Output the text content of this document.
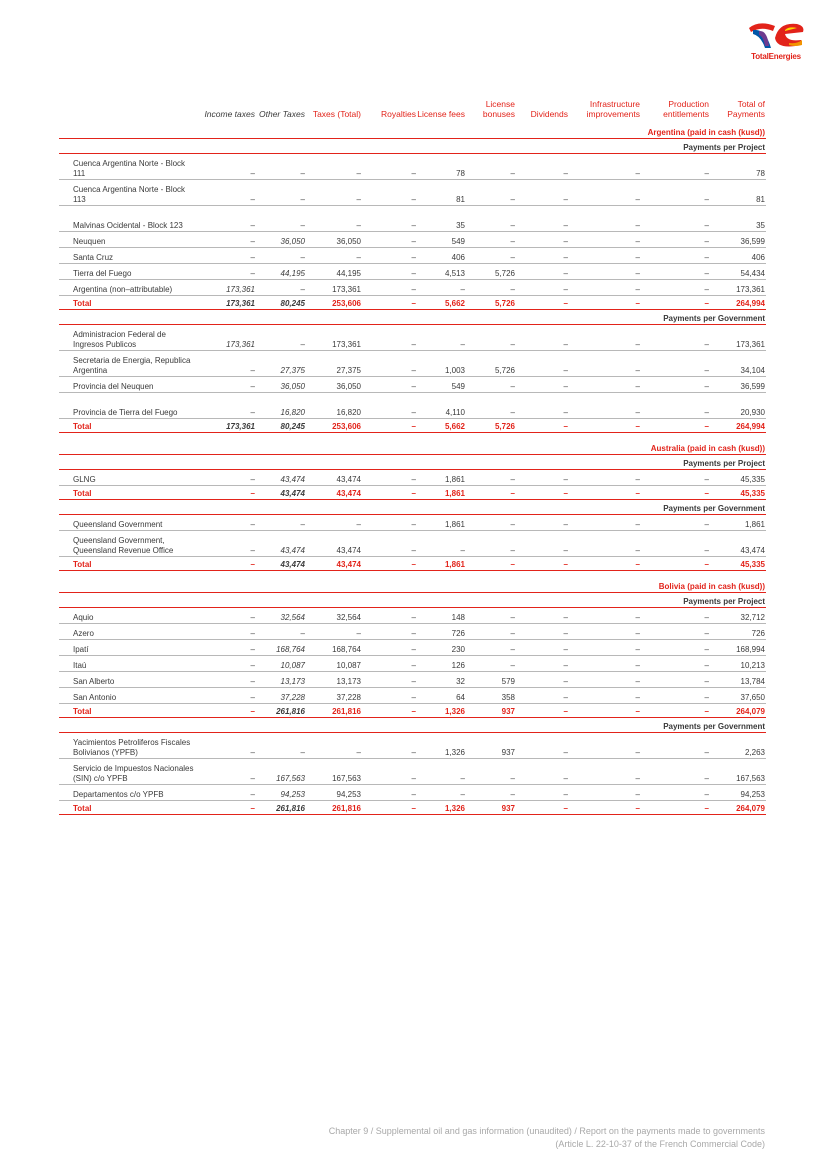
TotalEnergies
	Income taxes	Other Taxes	Taxes (Total)	Royalties	License fees	License bonuses	Dividends	Infrastructure improvements	Production entitlements	Total of Payments
Argentina (paid in cash (kusd))										
Payments per Project										
Cuenca Argentina Norte - Block 111	–	–	–	–	78	–	–	–	–	78
Cuenca Argentina Norte - Block 113	–	–	–	–	81	–	–	–	–	81
Malvinas Ocidental - Block 123	–	–	–	–	35	–	–	–	–	35
Neuquen	–	36,050	36,050	–	549	–	–	–	–	36,599
Santa Cruz	–	–	–	–	406	–	–	–	–	406
Tierra del Fuego	–	44,195	44,195	–	4,513	5,726	–	–	–	54,434
Argentina (non–attributable)	173,361	–	173,361	–	–	–	–	–	–	173,361
Total	173,361	80,245	253,606	–	5,662	5,726	–	–	–	264,994
Payments per Government										
Administracion Federal de Ingresos Publicos	173,361	–	173,361	–	–	–	–	–	–	173,361
Secretaria de Energia, Republica Argentina	–	27,375	27,375	–	1,003	5,726	–	–	–	34,104
Provincia del Neuquen	–	36,050	36,050	–	549	–	–	–	–	36,599
Provincia de Tierra del Fuego	–	16,820	16,820	–	4,110	–	–	–	–	20,930
Total	173,361	80,245	253,606	–	5,662	5,726	–	–	–	264,994
Australia (paid in cash (kusd))										
Payments per Project										
GLNG	–	43,474	43,474	–	1,861	–	–	–	–	45,335
Total	–	43,474	43,474	–	1,861	–	–	–	–	45,335
Payments per Government										
Queensland Government	–	–	–	–	1,861	–	–	–	–	1,861
Queensland Government, Queensland Revenue Office	–	43,474	43,474	–	–	–	–	–	–	43,474
Total	–	43,474	43,474	–	1,861	–	–	–	–	45,335
Bolivia (paid in cash (kusd))										
Payments per Project										
Aquio	–	32,564	32,564	–	148	–	–	–	–	32,712
Azero	–	–	–	–	726	–	–	–	–	726
Ipatí	–	168,764	168,764	–	230	–	–	–	–	168,994
Itaú	–	10,087	10,087	–	126	–	–	–	–	10,213
San Alberto	–	13,173	13,173	–	32	579	–	–	–	13,784
San Antonio	–	37,228	37,228	–	64	358	–	–	–	37,650
Total	–	261,816	261,816	–	1,326	937	–	–	–	264,079
Payments per Government										
Yacimientos Petroliferos Fiscales Bolivianos (YPFB)	–	–	–	–	1,326	937	–	–	–	2,263
Servicio de Impuestos Nacionales (SIN) c/o YPFB	–	167,563	167,563	–	–	–	–	–	–	167,563
Departamentos c/o YPFB	–	94,253	94,253	–	–	–	–	–	–	94,253
Total	–	261,816	261,816	–	1,326	937	–	–	–	264,079
Chapter 9 / Supplemental oil and gas information (unaudited) / Report on the payments made to governments
(Article L. 22-10-37 of the French Commercial Code)
